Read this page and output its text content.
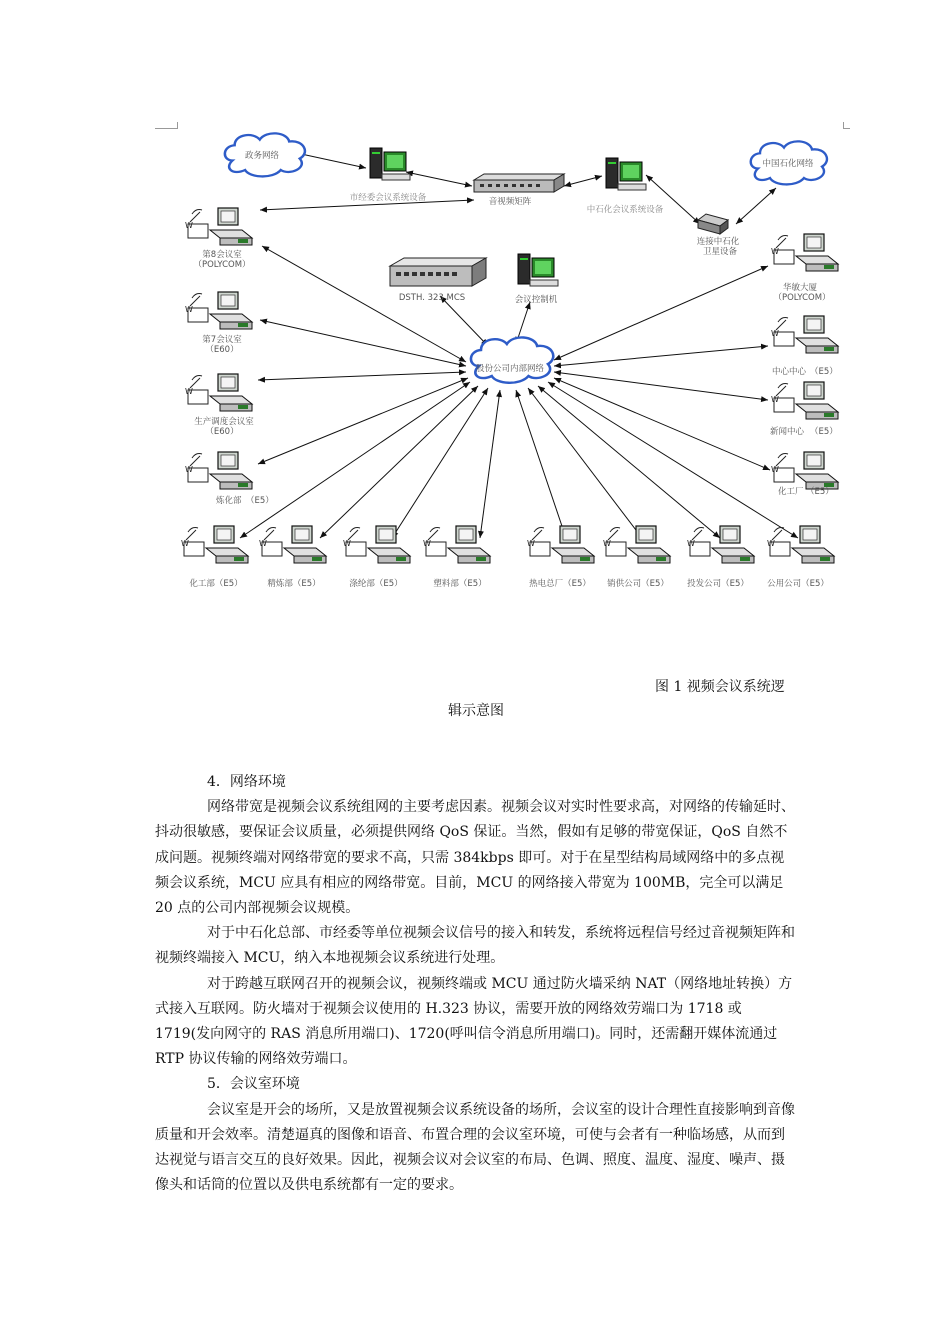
W
政务网络
中国石化网络
股份公司内部网络
市经委会议系统设备	音视频矩阵
中石化会议系统设备
连接中石化
卫星设备
DSTH. 323 MCS	会议控制机
第8会议室
（POLYCOM）
第7会议室
（E60）
生产调度会议室
（E60）
炼化部 （E5）
华敏大厦
（POLYCOM）
中心中心 （E5）
新闻中心 （E5）
化工厂 （E5）
化工部（E5）	精炼部（E5）	涤纶部（E5）	塑料部（E5）	热电总厂（E5） 销供公司（E5） 投发公司（E5） 公用公司（E5）
图 1 视频会议系统逻
辑示意图

4．网络环境

网络带宽是视频会议系统组网的主要考虑因素。视频会议对实时性要求高，对网络的传输延时、抖动很敏感，要保证会议质量，必须提供网络 QoS 保证。当然，假如有足够的带宽保证，QoS 自然不成问题。视频终端对网络带宽的要求不高，只需 384kbps 即可。对于在星型结构局域网络中的多点视频会议系统，MCU 应具有相应的网络带宽。目前，MCU 的网络接入带宽为 100MB，完全可以满足 20 点的公司内部视频会议规模。

对于中石化总部、市经委等单位视频会议信号的接入和转发，系统将远程信号经过音视频矩阵和视频终端接入 MCU，纳入本地视频会议系统进行处理。

对于跨越互联网召开的视频会议，视频终端或 MCU 通过防火墙采纳 NAT（网络地址转换）方式接入互联网。防火墙对于视频会议使用的 H.323 协议，需要开放的网络效劳端口为 1718 或 1719(发向网守的 RAS 消息所用端口)、1720(呼叫信令消息所用端口)。同时，还需翻开媒体流通过 RTP 协议传输的网络效劳端口。

5．会议室环境

会议室是开会的场所，又是放置视频会议系统设备的场所，会议室的设计合理性直接影响到音像质量和开会效率。清楚逼真的图像和语音、布置合理的会议室环境，可使与会者有一种临场感，从而到达视觉与语言交互的良好效果。因此，视频会议对会议室的布局、色调、照度、温度、湿度、噪声、摄像头和话筒的位置以及供电系统都有一定的要求。
